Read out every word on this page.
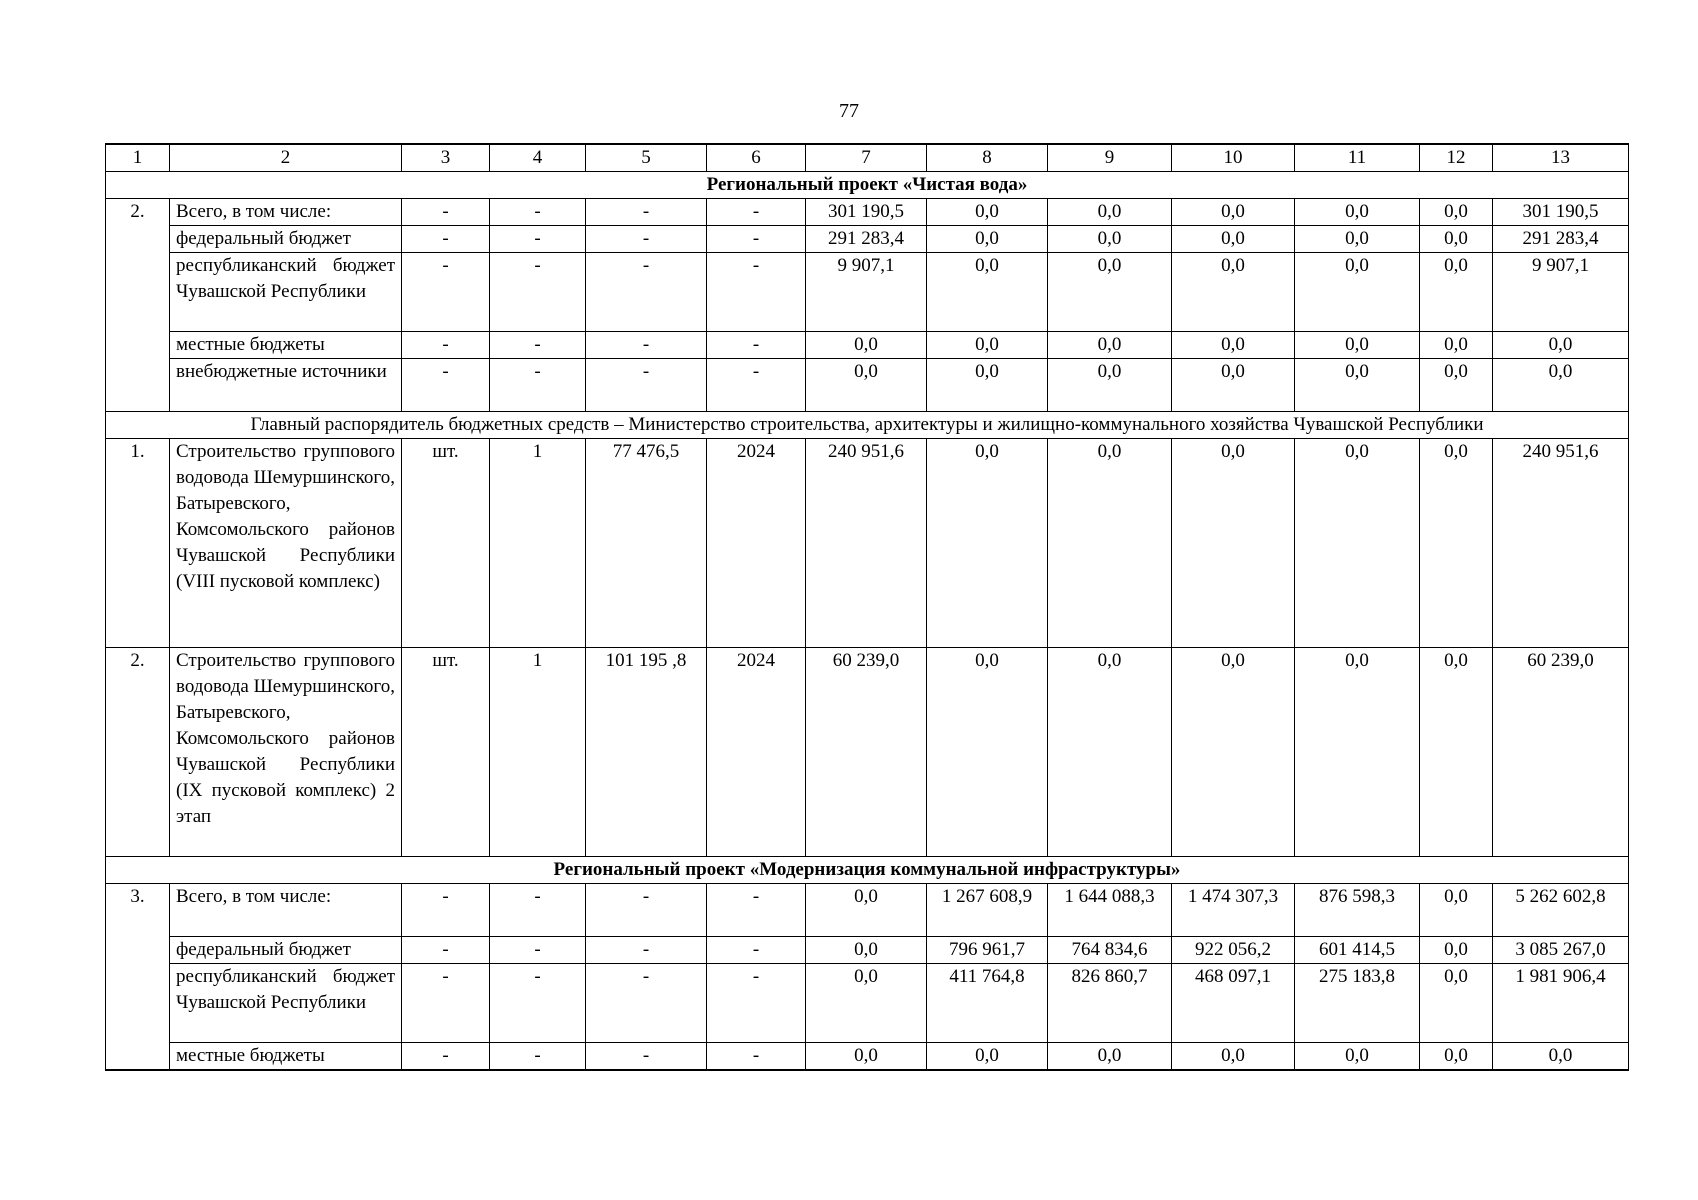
77
1	2	3	4	5	6	7	8	9	10	11	12	13
Региональный проект «Чистая вода»												
2.	Всего, в том числе:	-	-	-	-	301 190,5	0,0	0,0	0,0	0,0	0,0	301 190,5
	федеральный бюджет	-	-	-	-	291 283,4	0,0	0,0	0,0	0,0	0,0	291 283,4
	республиканский бюджет Чувашской Республики	-	-	-	-	9 907,1	0,0	0,0	0,0	0,0	0,0	9 907,1
	местные бюджеты	-	-	-	-	0,0	0,0	0,0	0,0	0,0	0,0	0,0
	внебюджетные источники	-	-	-	-	0,0	0,0	0,0	0,0	0,0	0,0	0,0
Главный распорядитель бюджетных средств – Министерство строительства, архитектуры и жилищно-коммунального хозяйства Чувашской Республики												
1.	Строительство группового водовода Шемуршинского, Батыревского, Комсомольского районов Чувашской Республики (VIII пусковой комплекс)	шт.	1	77 476,5	2024	240 951,6	0,0	0,0	0,0	0,0	0,0	240 951,6
2.	Строительство группового водовода Шемуршинского, Батыревского, Комсомольского районов Чувашской Республики (IX пусковой комплекс) 2 этап	шт.	1	101 195 ,8	2024	60 239,0	0,0	0,0	0,0	0,0	0,0	60 239,0
Региональный проект «Модернизация коммунальной инфраструктуры»												
3.	Всего, в том числе:	-	-	-	-	0,0	1 267 608,9	1 644 088,3	1 474 307,3	876 598,3	0,0	5 262 602,8
	федеральный бюджет	-	-	-	-	0,0	796 961,7	764 834,6	922 056,2	601 414,5	0,0	3 085 267,0
	республиканский бюджет Чувашской Республики	-	-	-	-	0,0	411 764,8	826 860,7	468 097,1	275 183,8	0,0	1 981 906,4
	местные бюджеты	-	-	-	-	0,0	0,0	0,0	0,0	0,0	0,0	0,0
